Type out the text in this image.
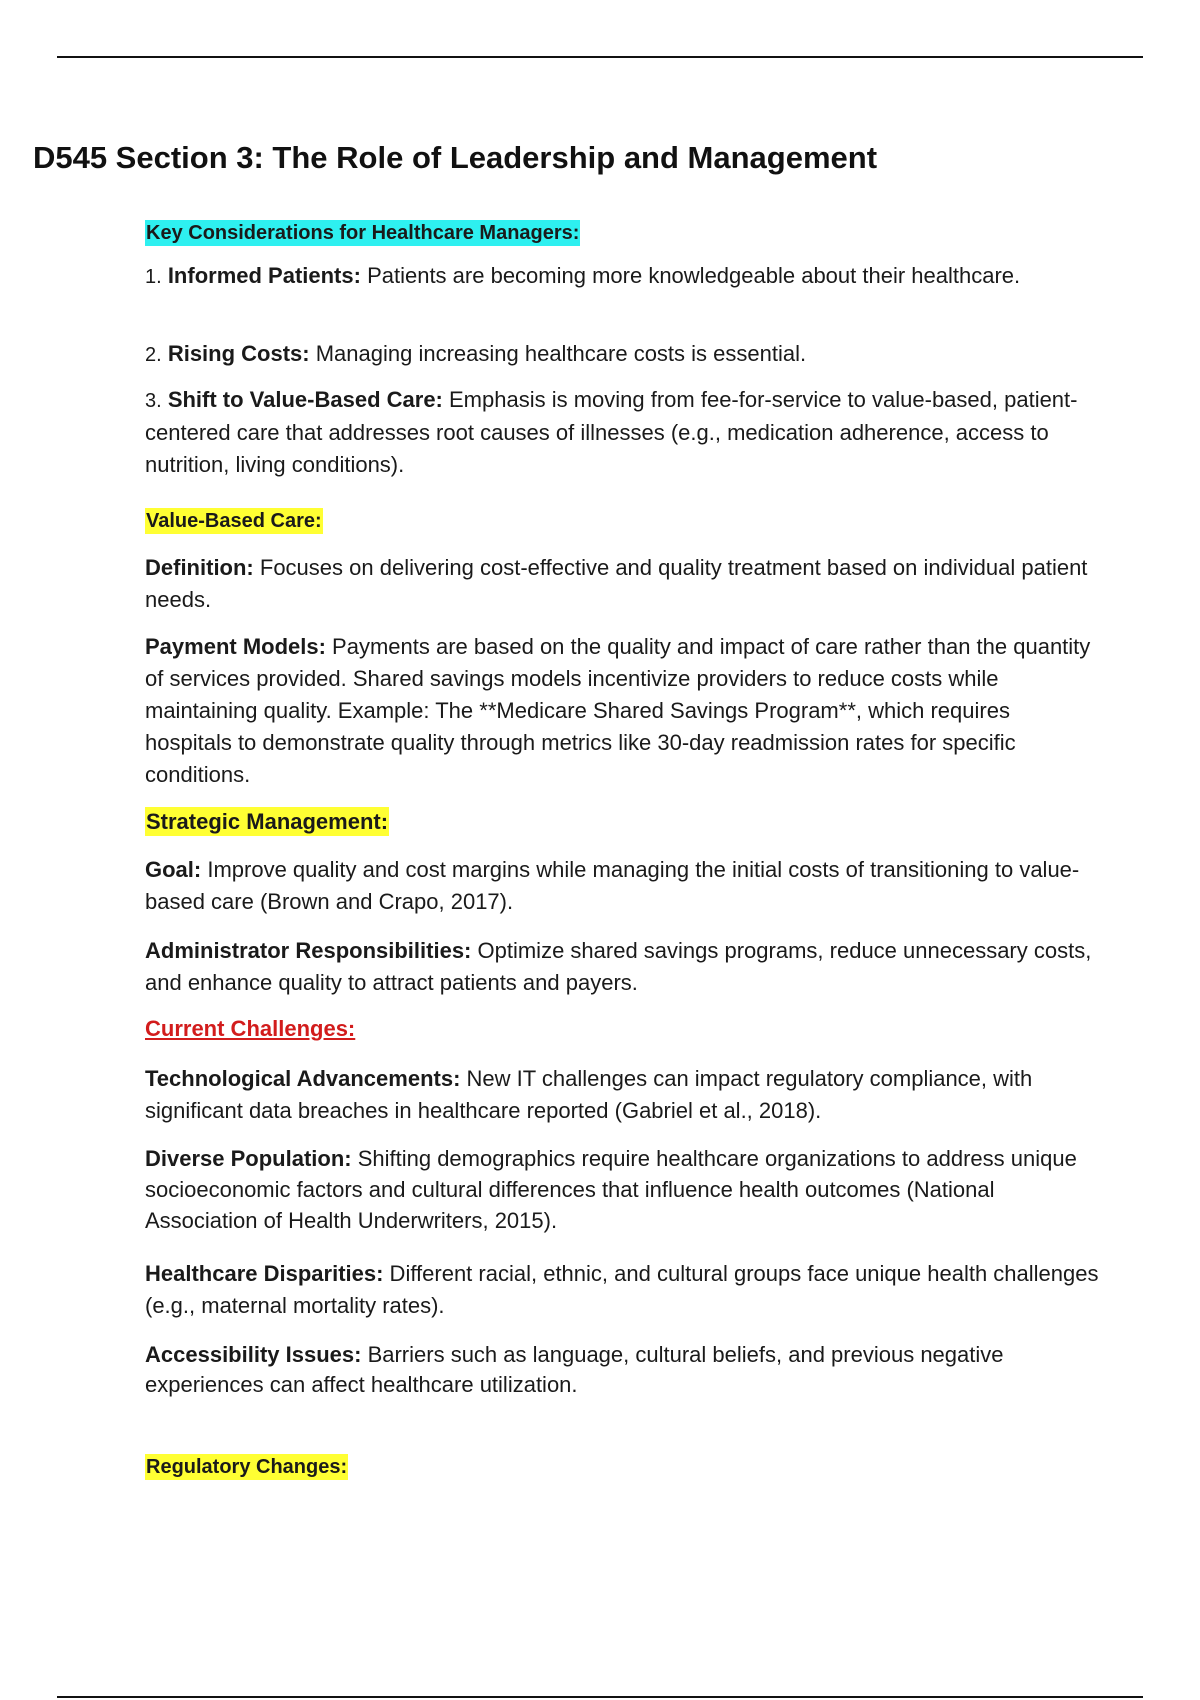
D545 Section 3: The Role of Leadership and Management

Key Considerations for Healthcare Managers:

1. Informed Patients: Patients are becoming more knowledgeable about their healthcare.

2. Rising Costs: Managing increasing healthcare costs is essential.

3. Shift to Value-Based Care: Emphasis is moving from fee-for-service to value-based, patient- centered care that addresses root causes of illnesses (e.g., medication adherence, access to nutrition, living conditions).

Value-Based Care:

Definition: Focuses on delivering cost-effective and quality treatment based on individual patient needs.

Payment Models: Payments are based on the quality and impact of care rather than the quantity of services provided. Shared savings models incentivize providers to reduce costs while maintaining quality. Example: The **Medicare Shared Savings Program**, which requires hospitals to demonstrate quality through metrics like 30-day readmission rates for specific conditions.

Strategic Management:

Goal: Improve quality and cost margins while managing the initial costs of transitioning to value- based care (Brown and Crapo, 2017).

Administrator Responsibilities: Optimize shared savings programs, reduce unnecessary costs, and enhance quality to attract patients and payers.

Current Challenges:

Technological Advancements: New IT challenges can impact regulatory compliance, with significant data breaches in healthcare reported (Gabriel et al., 2018).

Diverse Population: Shifting demographics require healthcare organizations to address unique socioeconomic factors and cultural differences that influence health outcomes (National Association of Health Underwriters, 2015).

Healthcare Disparities: Different racial, ethnic, and cultural groups face unique health challenges (e.g., maternal mortality rates).

Accessibility Issues: Barriers such as language, cultural beliefs, and previous negative experiences can affect healthcare utilization.

Regulatory Changes:
